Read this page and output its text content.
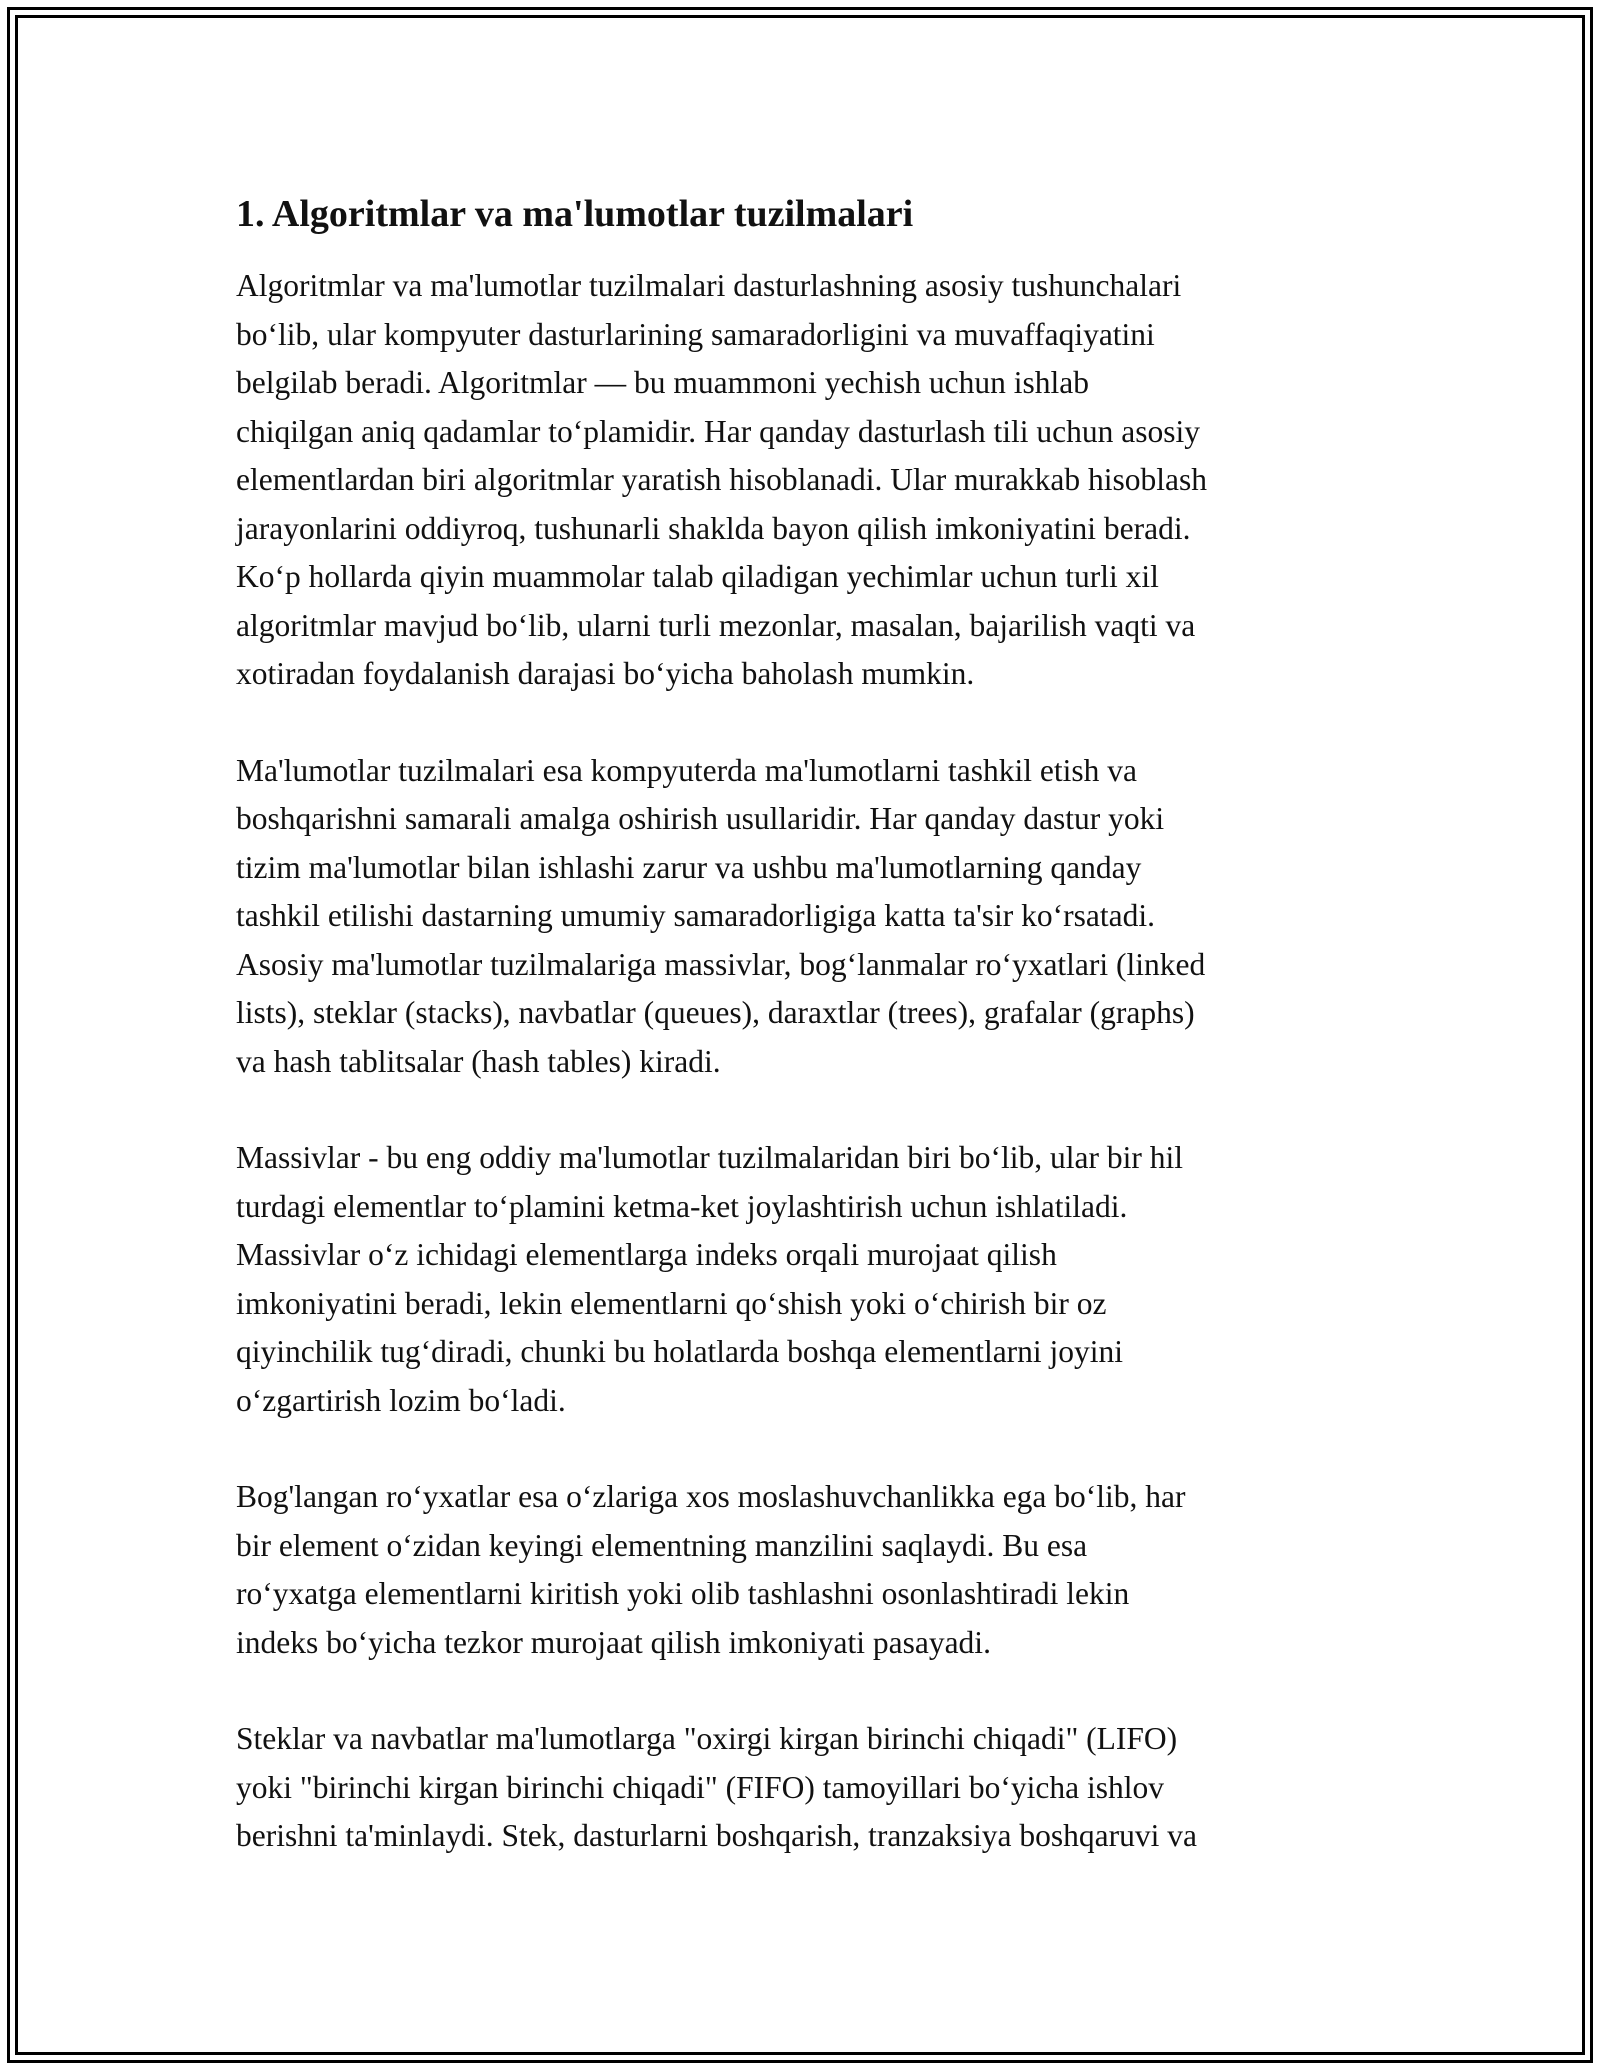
1. Algoritmlar va ma'lumotlar tuzilmalari
Algoritmlar va ma'lumotlar tuzilmalari dasturlashning asosiy tushunchalari
bo‘lib, ular kompyuter dasturlarining samaradorligini va muvaffaqiyatini
belgilab beradi. Algoritmlar — bu muammoni yechish uchun ishlab
chiqilgan aniq qadamlar to‘plamidir. Har qanday dasturlash tili uchun asosiy
elementlardan biri algoritmlar yaratish hisoblanadi. Ular murakkab hisoblash
jarayonlarini oddiyroq, tushunarli shakldа bayon qilish imkoniyatini beradi.
Ko‘p hollarda qiyin muammolar talab qiladigan yechimlar uchun turli xil
algoritmlar mavjud bo‘lib, ularni turli mezonlar, masalan, bajarilish vaqti va
xotiradan foydalanish darajasi bo‘yicha baholash mumkin.
Ma'lumotlar tuzilmalari esa kompyuterda ma'lumotlarni tashkil etish va
boshqarishni samarali amalga oshirish usullaridir. Har qanday dastur yoki
tizim ma'lumotlar bilan ishlashi zarur va ushbu ma'lumotlarning qanday
tashkil etilishi dastarning umumiy samaradorligiga katta ta'sir ko‘rsatadi.
Asosiy ma'lumotlar tuzilmalariga massivlar, bog‘lanmalar ro‘yxatlari (linked
lists), steklar (stacks), navbatlar (queues), daraxtlar (trees), grafalar (graphs)
va hash tablitsalar (hash tables) kiradi.
Massivlar - bu eng oddiy ma'lumotlar tuzilmalaridan biri bo‘lib, ular bir hil
turdagi elementlar to‘plamini ketma-ket joylashtirish uchun ishlatiladi.
Massivlar o‘z ichidagi elementlarga indeks orqali murojaat qilish
imkoniyatini beradi, lekin elementlarni qo‘shish yoki o‘chirish bir oz
qiyinchilik tug‘diradi, chunki bu holatlarda boshqa elementlarni joyini
o‘zgartirish lozim bo‘ladi.
Bog'langan ro‘yxatlar esa o‘zlariga xos moslashuvchanlikka ega bo‘lib, har
bir element o‘zidan keyingi elementning manzilini saqlaydi. Bu esa
ro‘yxatga elementlarni kiritish yoki olib tashlashni osonlashtiradi lekin
indeks bo‘yicha tezkor murojaat qilish imkoniyati pasayadi.
Steklar va navbatlar ma'lumotlarga "oxirgi kirgan birinchi chiqadi" (LIFO)
yoki "birinchi kirgan birinchi chiqadi" (FIFO) tamoyillari bo‘yicha ishlov
berishni ta'minlaydi. Stek, dasturlarni boshqarish, tranzaksiya boshqaruvi va
